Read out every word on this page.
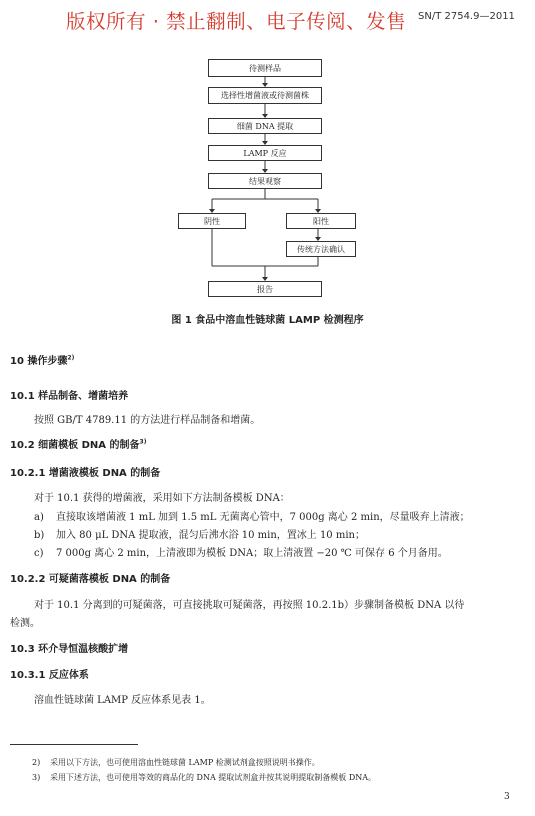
版权所有 · 禁止翻制、电子传阅、发售 SN/T 2754.9—2011
待测样品
选择性增菌液或待测菌株
细菌 DNA 提取
LAMP 反应
结果观察
阴性	阳性
传统方法确认
报告
图 1 食品中溶血性链球菌 LAMP 检测程序
10 操作步骤$^{2)}$
10.1 样品制备、增菌培养
按照 GB/T 4789.11 的方法进行样品制备和增菌。
10.2 细菌模板 DNA 的制备$^{3)}$
10.2.1 增菌液模板 DNA 的制备
对于 10.1 获得的增菌液，采用如下方法制备模板 DNA：
a) 直接取该增菌液 1 mL 加到 1.5 mL 无菌离心管中，7 000g 离心 2 min，尽量吸弃上清液；
b) 加入 80 μL DNA 提取液，混匀后沸水浴 10 min，置冰上 10 min；
c) 7 000g 离心 2 min，上清液即为模板 DNA；取上清液置 −20 ℃ 可保存 6 个月备用。
10.2.2 可疑菌落模板 DNA 的制备
对于 10.1 分离到的可疑菌落，可直接挑取可疑菌落，再按照 10.2.1b）步骤制备模板 DNA 以待
检测。
10.3 环介导恒温核酸扩增
10.3.1 反应体系
溶血性链球菌 LAMP 反应体系见表 1。
2) 采用以下方法，也可使用溶血性链球菌 LAMP 检测试剂盒按照说明书操作。
3) 采用下述方法，也可使用等效的商品化的 DNA 提取试剂盒并按其说明提取制备模板 DNA。
3
